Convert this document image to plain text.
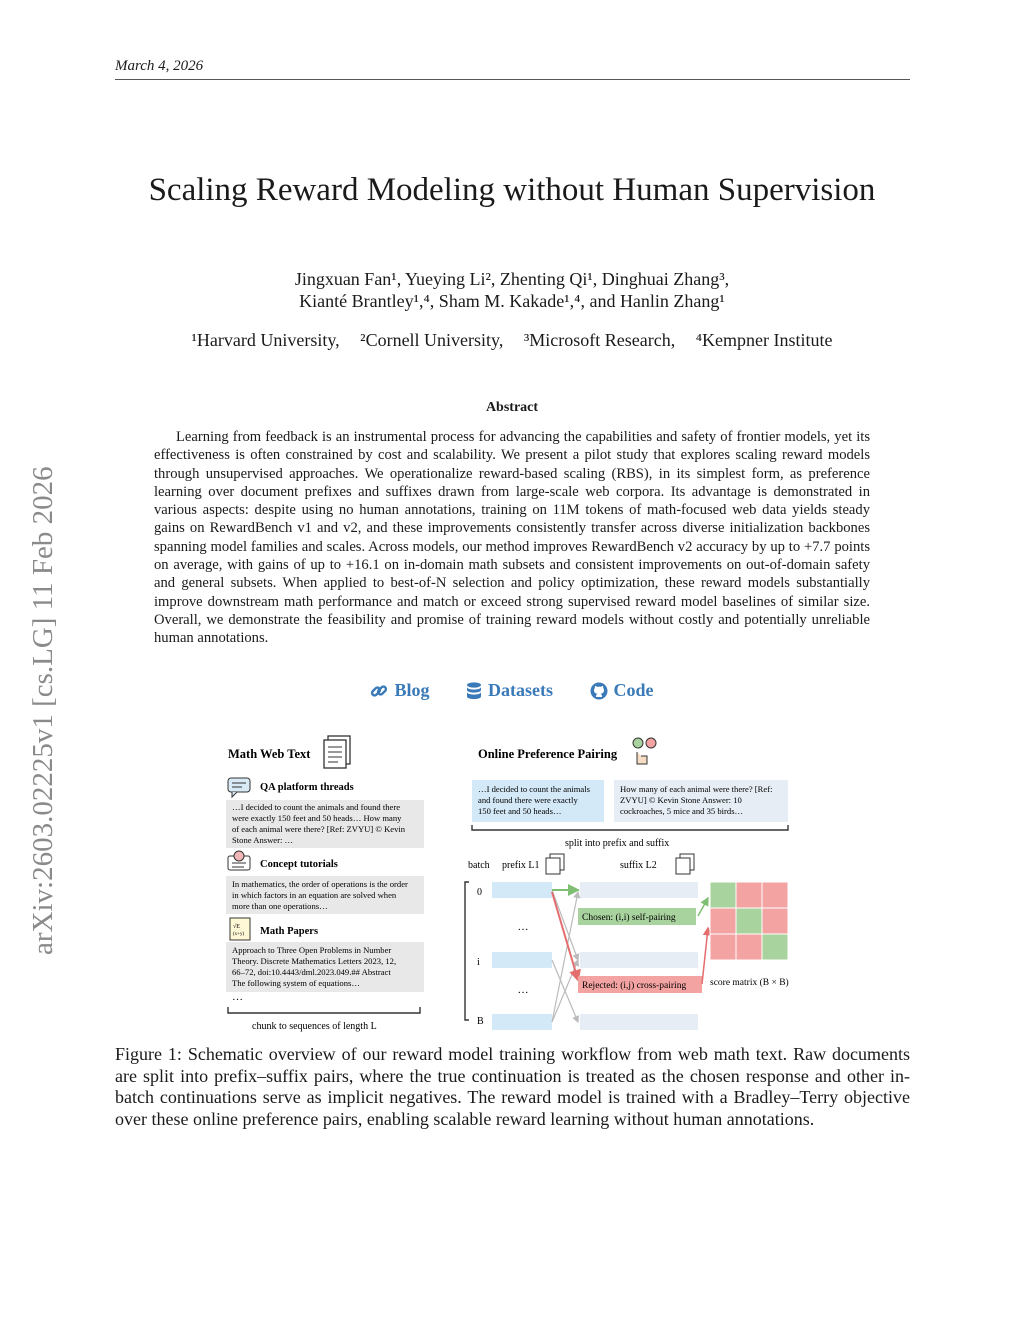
March 4, 2026
arXiv:2603.02225v1 [cs.LG] 11 Feb 2026
Scaling Reward Modeling without Human Supervision
Jingxuan Fan¹, Yueying Li², Zhenting Qi¹, Dinghuai Zhang³,
Kianté Brantley¹,⁴, Sham M. Kakade¹,⁴, and Hanlin Zhang¹
¹Harvard University, ²Cornell University, ³Microsoft Research, ⁴Kempner Institute
Abstract
Learning from feedback is an instrumental process for advancing the capabilities and safety of frontier models, yet its effectiveness is often constrained by cost and scalability. We present a pilot study that explores scaling reward models through unsupervised approaches. We operationalize reward-based scaling (RBS), in its simplest form, as preference learning over document prefixes and suffixes drawn from large-scale web corpora. Its advantage is demonstrated in various aspects: despite using no human annotations, training on 11M tokens of math-focused web data yields steady gains on RewardBench v1 and v2, and these improvements consistently transfer across diverse initialization backbones spanning model families and scales. Across models, our method improves RewardBench v2 accuracy by up to +7.7 points on average, with gains of up to +16.1 on in-domain math subsets and consistent improvements on out-of-domain safety and general subsets. When applied to best-of-N selection and policy optimization, these reward models substantially improve downstream math performance and match or exceed strong supervised reward model baselines of similar size. Overall, we demonstrate the feasibility and promise of training reward models without costly and potentially unreliable human annotations.
Blog
	Datasets
	Code
Math Web Text
QA platform threads
…I decided to count the animals and found there were exactly 150 feet and 50 heads… How many of each animal were there? [Ref: ZVYU] © Kevin Stone Answer: …
Concept tutorials
In mathematics, the order of operations is the order in which factors in an equation are solved when more than one operations…
√E
(x+y) Math Papers
Approach to Three Open Problems in Number Theory. Discrete Mathematics Letters 2023, 12, 66–72, doi:10.4443/dml.2023.049.## Abstract The following system of equations…
…
chunk to sequences of length L
Online Preference Pairing
…I decided to count the animals and found there were exactly 150 feet and 50 heads…
How many of each animal were there? [Ref: ZVYU] © Kevin Stone Answer: 10 cockroaches, 5 mice and 35 birds…
split into prefix and suffix
batch prefix L1	suffix L2
0
i
B
…
…
Chosen: (i,i) self-pairing
Rejected: (i,j) cross-pairing	score matrix (B × B)
Figure 1: Schematic overview of our reward model training workflow from web math text. Raw documents are split into prefix–suffix pairs, where the true continuation is treated as the chosen response and other in-batch continuations serve as implicit negatives. The reward model is trained with a Bradley–Terry objective over these online preference pairs, enabling scalable reward learning without human annotations.
